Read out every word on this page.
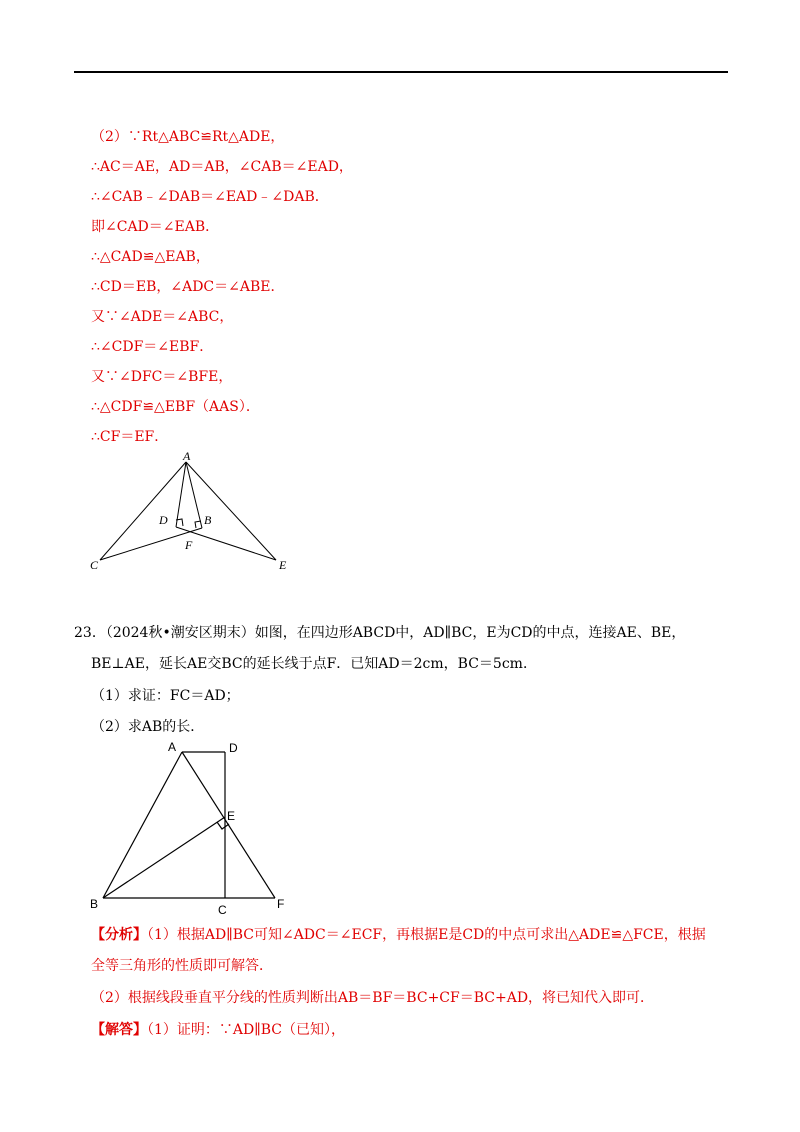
（2）∵Rt△ABC≌Rt△ADE，
∴AC＝AE，AD＝AB，∠CAB＝∠EAD，
∴∠CAB﹣∠DAB＝∠EAD﹣∠DAB．
即∠CAD＝∠EAB．
∴△CAD≌△EAB，
∴CD＝EB，∠ADC＝∠ABE．
又∵∠ADE＝∠ABC，
∴∠CDF＝∠EBF．
又∵∠DFC＝∠BFE，
∴△CDF≌△EBF（AAS）．
∴CF＝EF．
A
D	B
F
C	E
23．（2024秋•潮安区期末）如图，在四边形ABCD中，AD∥BC，E为CD的中点，连接AE、BE，
BE⊥AE，延长AE交BC的延长线于点F．已知AD＝2cm，BC＝5cm．
（1）求证：FC＝AD；
（2）求AB的长．
A	D
E
B	C	F
【分析】（1）根据AD∥BC可知∠ADC＝∠ECF，再根据E是CD的中点可求出△ADE≌△FCE，根据
全等三角形的性质即可解答．
（2）根据线段垂直平分线的性质判断出AB＝BF＝BC+CF＝BC+AD，将已知代入即可．
【解答】（1）证明：∵AD∥BC（已知），
